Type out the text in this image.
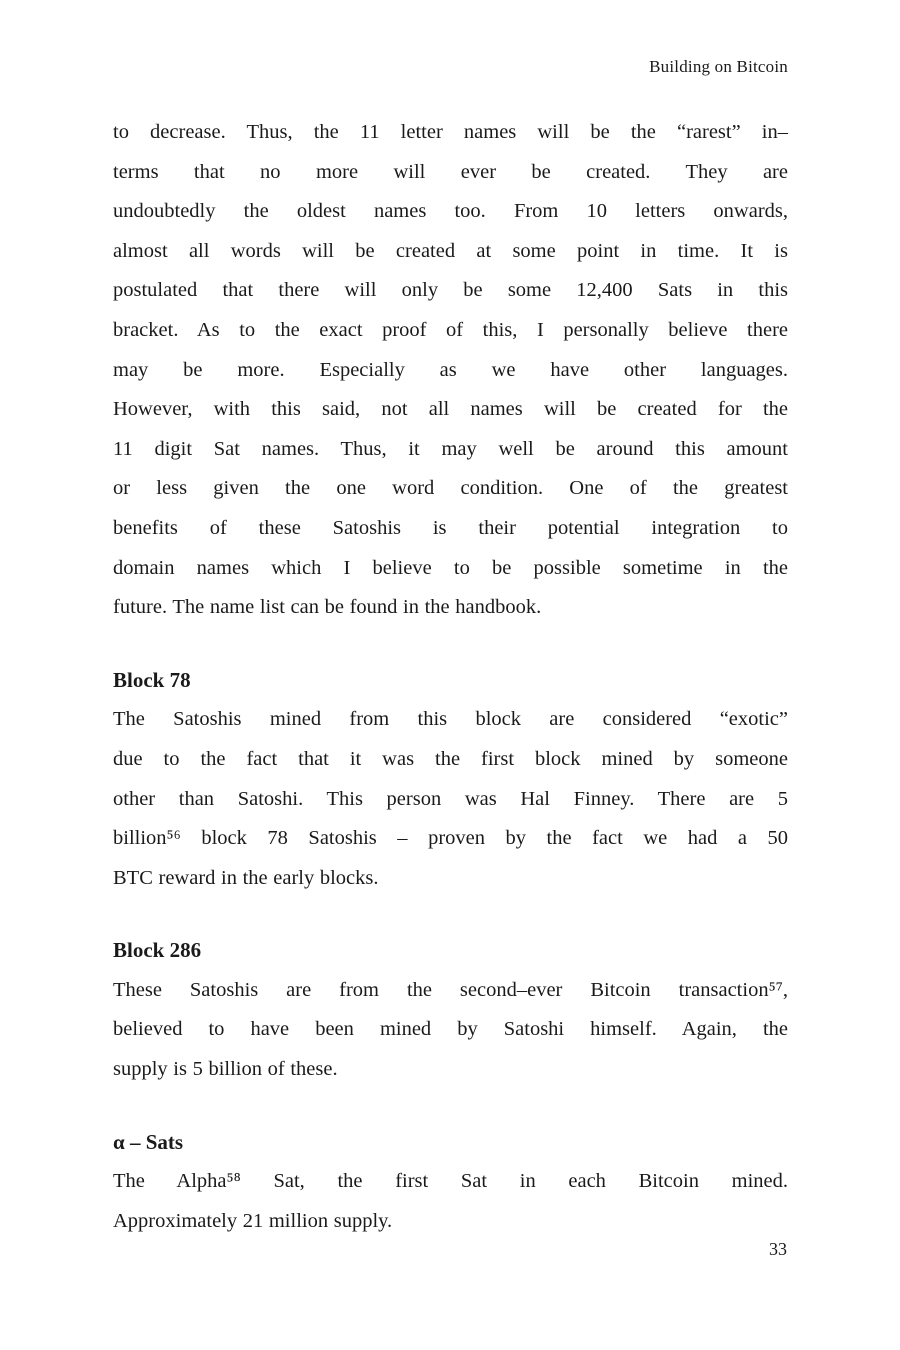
Building on Bitcoin
to decrease. Thus, the 11 letter names will be the “rarest” in–
terms that no more will ever be created. They are
undoubtedly the oldest names too. From 10 letters onwards,
almost all words will be created at some point in time. It is
postulated that there will only be some 12,400 Sats in this
bracket. As to the exact proof of this, I personally believe there
may be more. Especially as we have other languages.
However, with this said, not all names will be created for the
11 digit Sat names. Thus, it may well be around this amount
or less given the one word condition. One of the greatest
benefits of these Satoshis is their potential integration to
domain names which I believe to be possible sometime in the
future. The name list can be found in the handbook.
Block 78
The Satoshis mined from this block are considered “exotic”
due to the fact that it was the first block mined by someone
other than Satoshi. This person was Hal Finney. There are 5
billion⁵⁶ block 78 Satoshis – proven by the fact we had a 50
BTC reward in the early blocks.
Block 286
These Satoshis are from the second–ever Bitcoin transaction⁵⁷,
believed to have been mined by Satoshi himself. Again, the
supply is 5 billion of these.
α – Sats
The Alpha⁵⁸ Sat, the first Sat in each Bitcoin mined.
Approximately 21 million supply.
33
